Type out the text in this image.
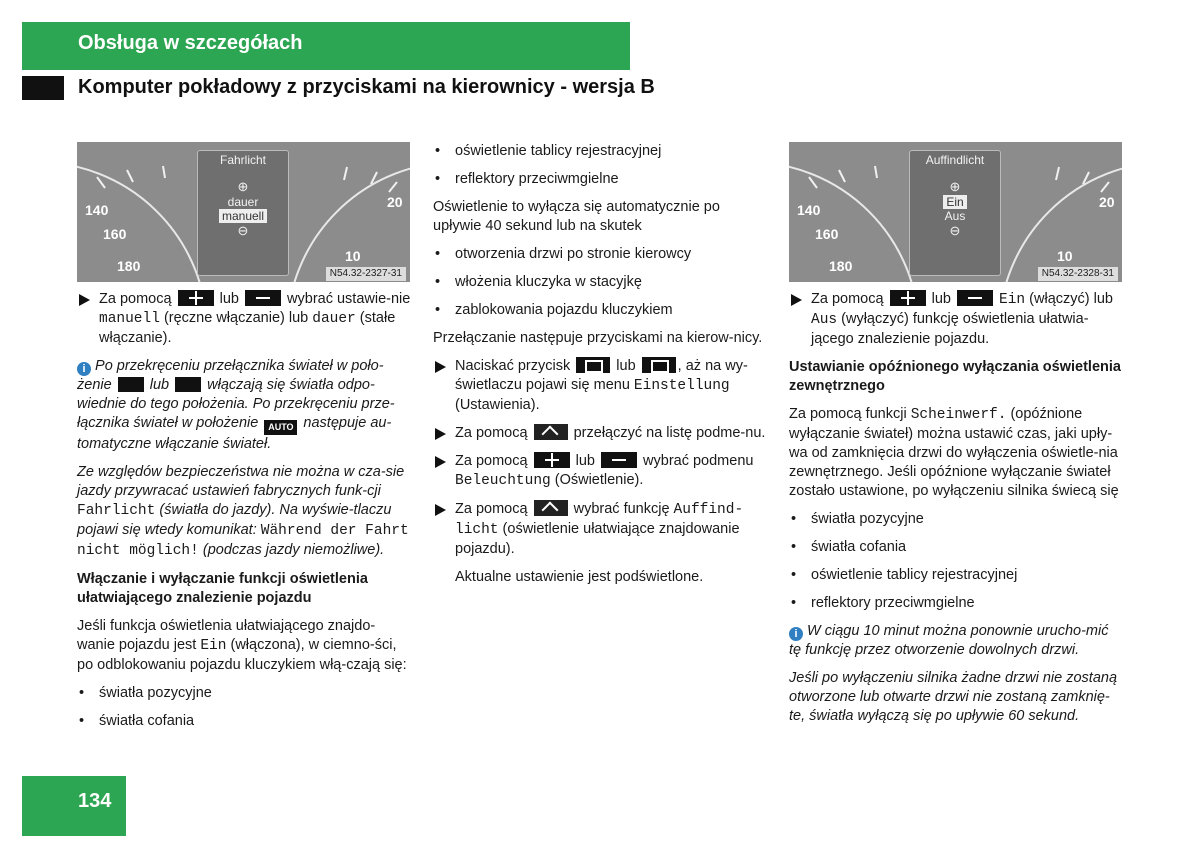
Obsługa w szczegółach
Komputer pokładowy z przyciskami na kierownicy - wersja B
140
160
180
20
10
Fahrlicht
⊕
dauer
manuell
⊖
N54.32-2327-31
140
160
180
20
10
Auffindlicht
⊕
Ein
Aus
⊖
N54.32-2328-31
Za pomocą	lub	wybrać ustawie-nie manuell (ręczne włączanie) lub dauer (stałe włączanie).

i Po przekręceniu przełącznika świateł w poło-żenie	lub	włączają się światła odpo-wiednie do tego położenia. Po przekręceniu prze-łącznika świateł w położenie AUTO następuje au-tomatyczne włączanie świateł.

Ze względów bezpieczeństwa nie można w cza-sie jazdy przywracać ustawień fabrycznych funk-cji Fahrlicht (światła do jazdy). Na wyświe-tlaczu pojawi się wtedy komunikat: Während der Fahrt nicht möglich! (podczas jazdy niemożliwe).

Włączanie i wyłączanie funkcji oświetlenia ułatwiającego znalezienie pojazdu

Jeśli funkcja oświetlenia ułatwiającego znajdo-wanie pojazdu jest Ein (włączona), w ciemno-ści, po odblokowaniu pojazdu kluczykiem włą-czają się:

• światła pozycyjne
• światła cofania
• oświetlenie tablicy rejestracyjnej
• reflektory przeciwmgielne

Oświetlenie to wyłącza się automatycznie po upływie 40 sekund lub na skutek

• otworzenia drzwi po stronie kierowcy
• włożenia kluczyka w stacyjkę
• zablokowania pojazdu kluczykiem

Przełączanie następuje przyciskami na kierow-nicy.

Naciskać przycisk	lub	, aż na wy-świetlaczu pojawi się menu Einstellung (Ustawienia).
Za pomocą	przełączyć na listę podme-nu.
Za pomocą	lub	wybrać podmenu Beleuchtung (Oświetlenie).
Za pomocą	wybrać funkcję Auffind-licht (oświetlenie ułatwiające znajdowanie pojazdu).

Aktualne ustawienie jest podświetlone.

Za pomocą	lub	Ein (włączyć) lub Aus (wyłączyć) funkcję oświetlenia ułatwia-jącego znalezienie pojazdu.

Ustawianie opóźnionego wyłączania oświetlenia zewnętrznego

Za pomocą funkcji Scheinwerf. (opóźnione wyłączanie świateł) można ustawić czas, jaki upły-wa od zamknięcia drzwi do wyłączenia oświetle-nia zewnętrznego. Jeśli opóźnione wyłączanie świateł zostało ustawione, po wyłączeniu silnika świecą się

• światła pozycyjne
• światła cofania
• oświetlenie tablicy rejestracyjnej
• reflektory przeciwmgielne

i W ciągu 10 minut można ponownie urucho-mić tę funkcję przez otworzenie dowolnych drzwi.

Jeśli po wyłączeniu silnika żadne drzwi nie zostaną otworzone lub otwarte drzwi nie zostaną zamknię-te, światła wyłączą się po upływie 60 sekund.

134
